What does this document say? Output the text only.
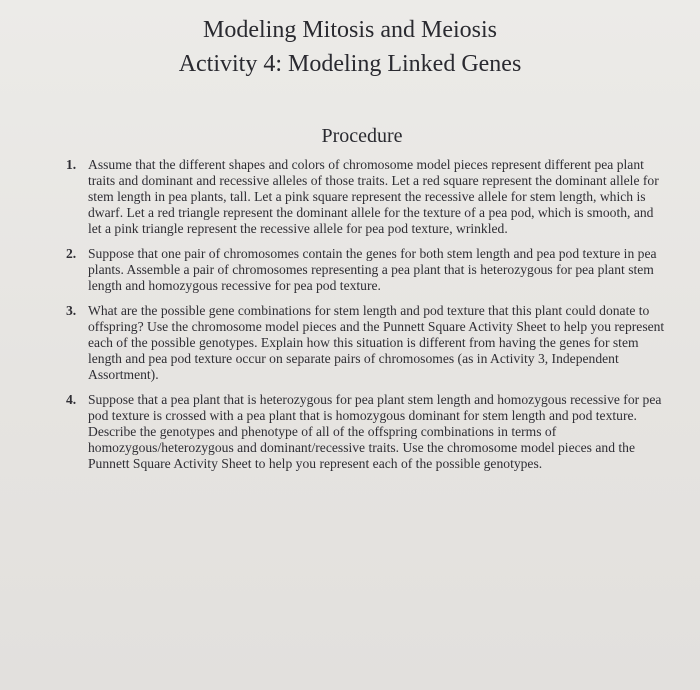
Modeling Mitosis and Meiosis
Activity 4: Modeling Linked Genes
Procedure
1. Assume that the different shapes and colors of chromosome model pieces represent different pea plant traits and dominant and recessive alleles of those traits. Let a red square represent the dominant allele for stem length in pea plants, tall. Let a pink square represent the recessive allele for stem length, which is dwarf. Let a red triangle represent the dominant allele for the texture of a pea pod, which is smooth, and let a pink triangle represent the recessive allele for pea pod texture, wrinkled.
2. Suppose that one pair of chromosomes contain the genes for both stem length and pea pod texture in pea plants. Assemble a pair of chromosomes representing a pea plant that is heterozygous for pea plant stem length and homozygous recessive for pea pod texture.
3. What are the possible gene combinations for stem length and pod texture that this plant could donate to offspring? Use the chromosome model pieces and the Punnett Square Activity Sheet to help you represent each of the possible genotypes. Explain how this situation is different from having the genes for stem length and pea pod texture occur on separate pairs of chromosomes (as in Activity 3, Independent Assortment).
4. Suppose that a pea plant that is heterozygous for pea plant stem length and homozygous recessive for pea pod texture is crossed with a pea plant that is homozygous dominant for stem length and pod texture. Describe the genotypes and phenotype of all of the offspring combinations in terms of homozygous/heterozygous and dominant/recessive traits. Use the chromosome model pieces and the Punnett Square Activity Sheet to help you represent each of the possible genotypes.
